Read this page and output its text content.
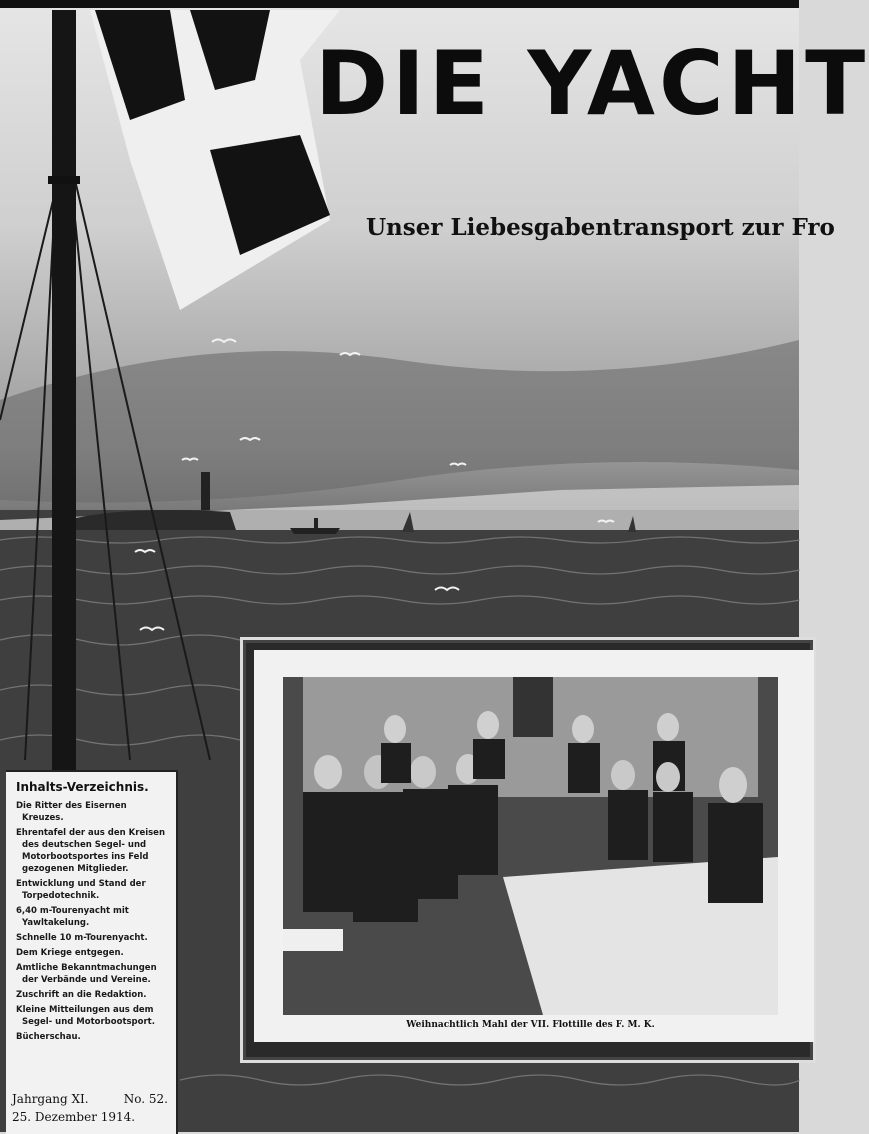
DIE YACHT
Unser Liebesgabentransport zur Fro
Weihnachtlich Mahl der VII. Flottille des F. M. K.
Inhalts-Verzeichnis.
Die Ritter des Eisernen Kreuzes.
Ehrentafel der aus den Kreisen des deutschen Segel- und Motorbootsportes ins Feld gezogenen Mitglieder.
Entwicklung und Stand der Torpedotechnik.
6,40 m-Tourenyacht mit Yawltakelung.
Schnelle 10 m-Tourenyacht.
Dem Kriege entgegen.
Amtliche Bekanntmachungen der Verbände und Vereine.
Zuschrift an die Redaktion.
Kleine Mitteilungen aus dem Segel- und Motorbootsport.
Bücherschau.
Jahrgang XI.	No. 52.
25. Dezember 1914.
